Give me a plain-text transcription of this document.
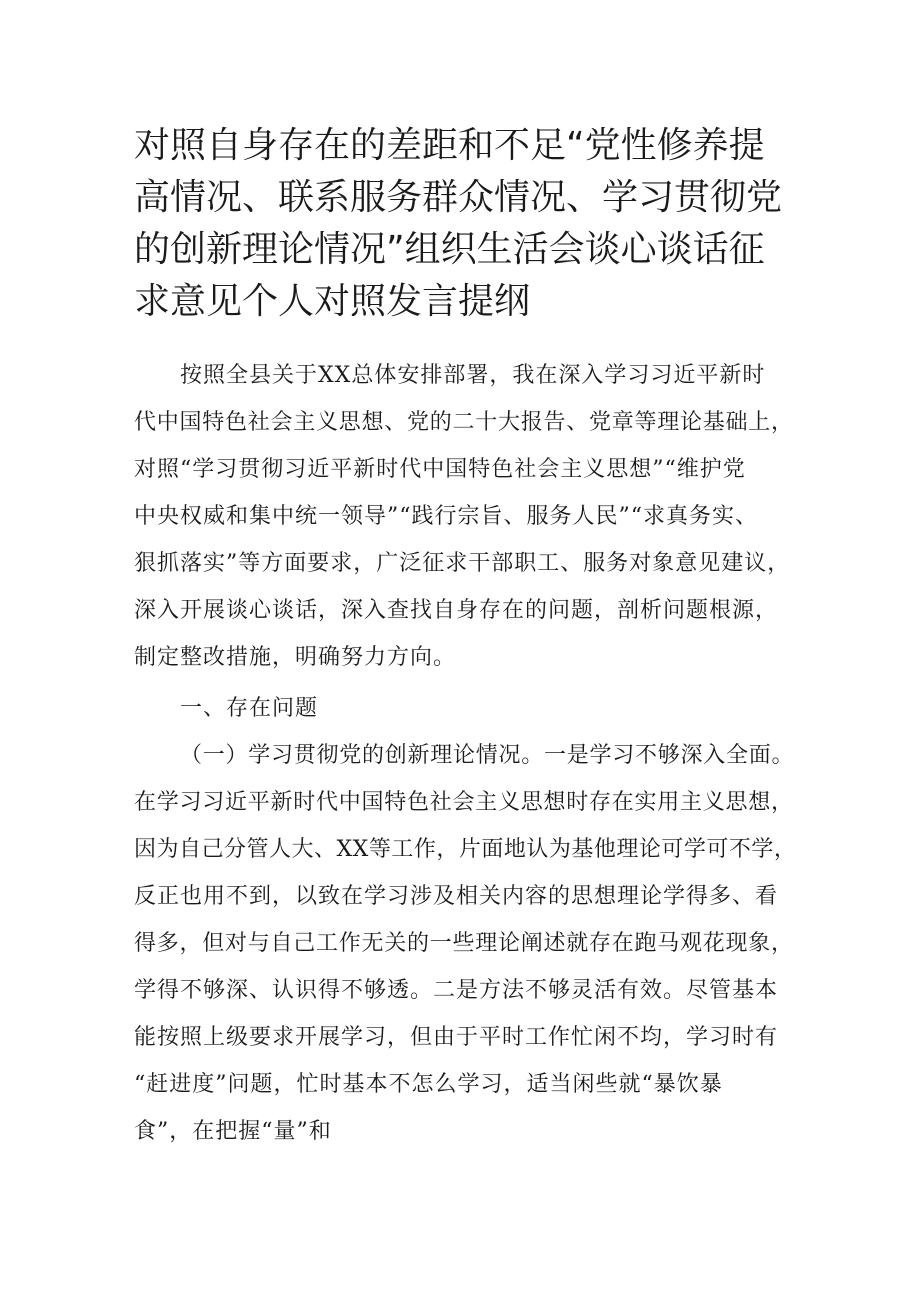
对照自身存在的差距和不足“党性修养提
高情况、联系服务群众情况、学习贯彻党
的创新理论情况”组织生活会谈心谈话征
求意见个人对照发言提纲
按照全县关于XX总体安排部署，我在深入学习习近平新时
代中国特色社会主义思想、党的二十大报告、党章等理论基础上，
对照“学习贯彻习近平新时代中国特色社会主义思想”“维护党
中央权威和集中统一领导”“践行宗旨、服务人民”“求真务实、
狠抓落实”等方面要求，广泛征求干部职工、服务对象意见建议，
深入开展谈心谈话，深入查找自身存在的问题，剖析问题根源，
制定整改措施，明确努力方向。
一、存在问题
（一）学习贯彻党的创新理论情况。一是学习不够深入全面。
在学习习近平新时代中国特色社会主义思想时存在实用主义思想，
因为自己分管人大、XX等工作，片面地认为基他理论可学可不学，
反正也用不到，以致在学习涉及相关内容的思想理论学得多、看
得多，但对与自己工作无关的一些理论阐述就存在跑马观花现象，
学得不够深、认识得不够透。二是方法不够灵活有效。尽管基本
能按照上级要求开展学习，但由于平时工作忙闲不均，学习时有
“赶进度”问题，忙时基本不怎么学习，适当闲些就“暴饮暴
食”，在把握“量”和
